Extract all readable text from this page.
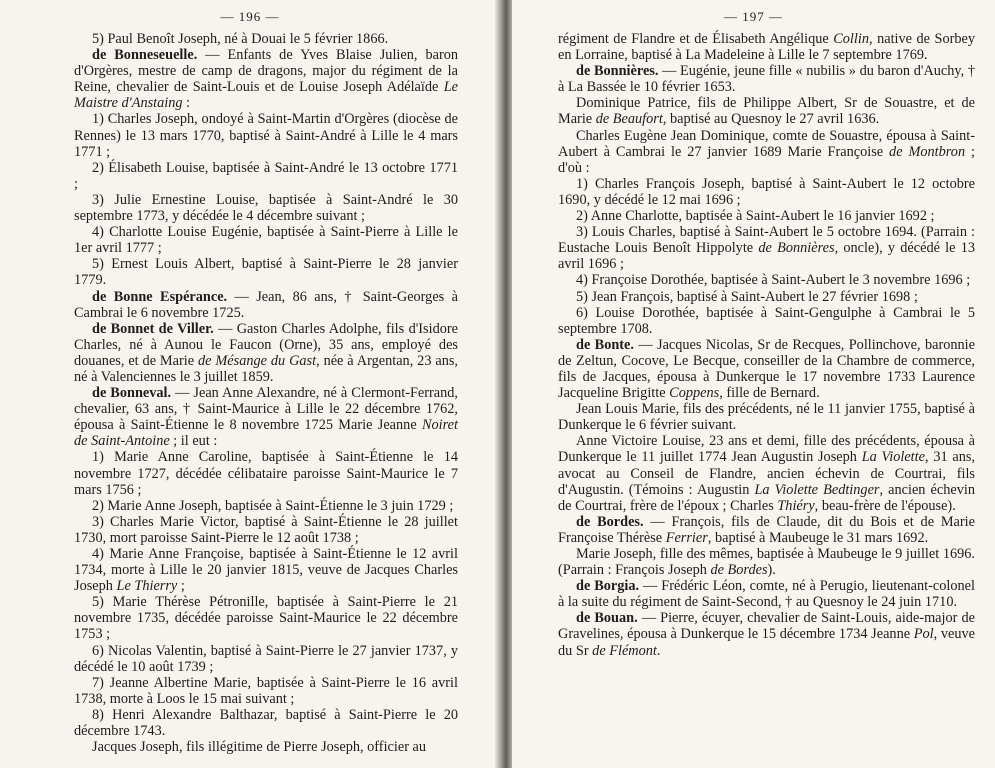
— 196 —

5) Paul Benoît Joseph, né à Douai le 5 février 1866.

de Bonneseuelle. — Enfants de Yves Blaise Julien, baron d'Orgères, mestre de camp de dragons, major du régiment de la Reine, chevalier de Saint-Louis et de Louise Joseph Adélaïde Le Maistre d'Anstaing :

1) Charles Joseph, ondoyé à Saint-Martin d'Orgères (diocèse de Rennes) le 13 mars 1770, baptisé à Saint-André à Lille le 4 mars 1771 ;

2) Élisabeth Louise, baptisée à Saint-André le 13 octobre 1771 ;

3) Julie Ernestine Louise, baptisée à Saint-André le 30 septembre 1773, y décédée le 4 décembre suivant ;

4) Charlotte Louise Eugénie, baptisée à Saint-Pierre à Lille le 1er avril 1777 ;

5) Ernest Louis Albert, baptisé à Saint-Pierre le 28 janvier 1779.

de Bonne Espérance. — Jean, 86 ans, † Saint-Georges à Cambrai le 6 novembre 1725.

de Bonnet de Viller. — Gaston Charles Adolphe, fils d'Isidore Charles, né à Aunou le Faucon (Orne), 35 ans, employé des douanes, et de Marie de Mésange du Gast, née à Argentan, 23 ans, né à Valenciennes le 3 juillet 1859.

de Bonneval. — Jean Anne Alexandre, né à Clermont-Ferrand, chevalier, 63 ans, † Saint-Maurice à Lille le 22 décembre 1762, épousa à Saint-Étienne le 8 novembre 1725 Marie Jeanne Noiret de Saint-Antoine ; il eut :

1) Marie Anne Caroline, baptisée à Saint-Étienne le 14 novembre 1727, décédée célibataire paroisse Saint-Maurice le 7 mars 1756 ;

2) Marie Anne Joseph, baptisée à Saint-Étienne le 3 juin 1729 ;

3) Charles Marie Victor, baptisé à Saint-Étienne le 28 juillet 1730, mort paroisse Saint-Pierre le 12 août 1738 ;

4) Marie Anne Françoise, baptisée à Saint-Étienne le 12 avril 1734, morte à Lille le 20 janvier 1815, veuve de Jacques Charles Joseph Le Thierry ;

5) Marie Thérèse Pétronille, baptisée à Saint-Pierre le 21 novembre 1735, décédée paroisse Saint-Maurice le 22 décembre 1753 ;

6) Nicolas Valentin, baptisé à Saint-Pierre le 27 janvier 1737, y décédé le 10 août 1739 ;

7) Jeanne Albertine Marie, baptisée à Saint-Pierre le 16 avril 1738, morte à Loos le 15 mai suivant ;

8) Henri Alexandre Balthazar, baptisé à Saint-Pierre le 20 décembre 1743.

Jacques Joseph, fils illégitime de Pierre Joseph, officier au

— 197 —

régiment de Flandre et de Élisabeth Angélique Collin, native de Sorbey en Lorraine, baptisé à La Madeleine à Lille le 7 septembre 1769.

de Bonnières. — Eugénie, jeune fille « nubilis » du baron d'Auchy, † à La Bassée le 10 février 1653.

Dominique Patrice, fils de Philippe Albert, Sr de Souastre, et de Marie de Beaufort, baptisé au Quesnoy le 27 avril 1636.

Charles Eugène Jean Dominique, comte de Souastre, épousa à Saint-Aubert à Cambrai le 27 janvier 1689 Marie Françoise de Montbron ; d'où :

1) Charles François Joseph, baptisé à Saint-Aubert le 12 octobre 1690, y décédé le 12 mai 1696 ;

2) Anne Charlotte, baptisée à Saint-Aubert le 16 janvier 1692 ;

3) Louis Charles, baptisé à Saint-Aubert le 5 octobre 1694. (Parrain : Eustache Louis Benoît Hippolyte de Bonnières, oncle), y décédé le 13 avril 1696 ;

4) Françoise Dorothée, baptisée à Saint-Aubert le 3 novembre 1696 ;

5) Jean François, baptisé à Saint-Aubert le 27 février 1698 ;

6) Louise Dorothée, baptisée à Saint-Gengulphe à Cambrai le 5 septembre 1708.

de Bonte. — Jacques Nicolas, Sr de Recques, Pollinchove, baronnie de Zeltun, Cocove, Le Becque, conseiller de la Chambre de commerce, fils de Jacques, épousa à Dunkerque le 17 novembre 1733 Laurence Jacqueline Brigitte Coppens, fille de Bernard.

Jean Louis Marie, fils des précédents, né le 11 janvier 1755, baptisé à Dunkerque le 6 février suivant.

Anne Victoire Louise, 23 ans et demi, fille des précédents, épousa à Dunkerque le 11 juillet 1774 Jean Augustin Joseph La Violette, 31 ans, avocat au Conseil de Flandre, ancien échevin de Courtrai, fils d'Augustin. (Témoins : Augustin La Violette Bedtinger, ancien échevin de Courtrai, frère de l'époux ; Charles Thiéry, beau-frère de l'épouse).

de Bordes. — François, fils de Claude, dit du Bois et de Marie Françoise Thérèse Ferrier, baptisé à Maubeuge le 31 mars 1692.

Marie Joseph, fille des mêmes, baptisée à Maubeuge le 9 juillet 1696. (Parrain : François Joseph de Bordes).

de Borgia. — Frédéric Léon, comte, né à Perugio, lieutenant-colonel à la suite du régiment de Saint-Second, † au Quesnoy le 24 juin 1710.

de Bouan. — Pierre, écuyer, chevalier de Saint-Louis, aide-major de Gravelines, épousa à Dunkerque le 15 décembre 1734 Jeanne Pol, veuve du Sr de Flémont.
